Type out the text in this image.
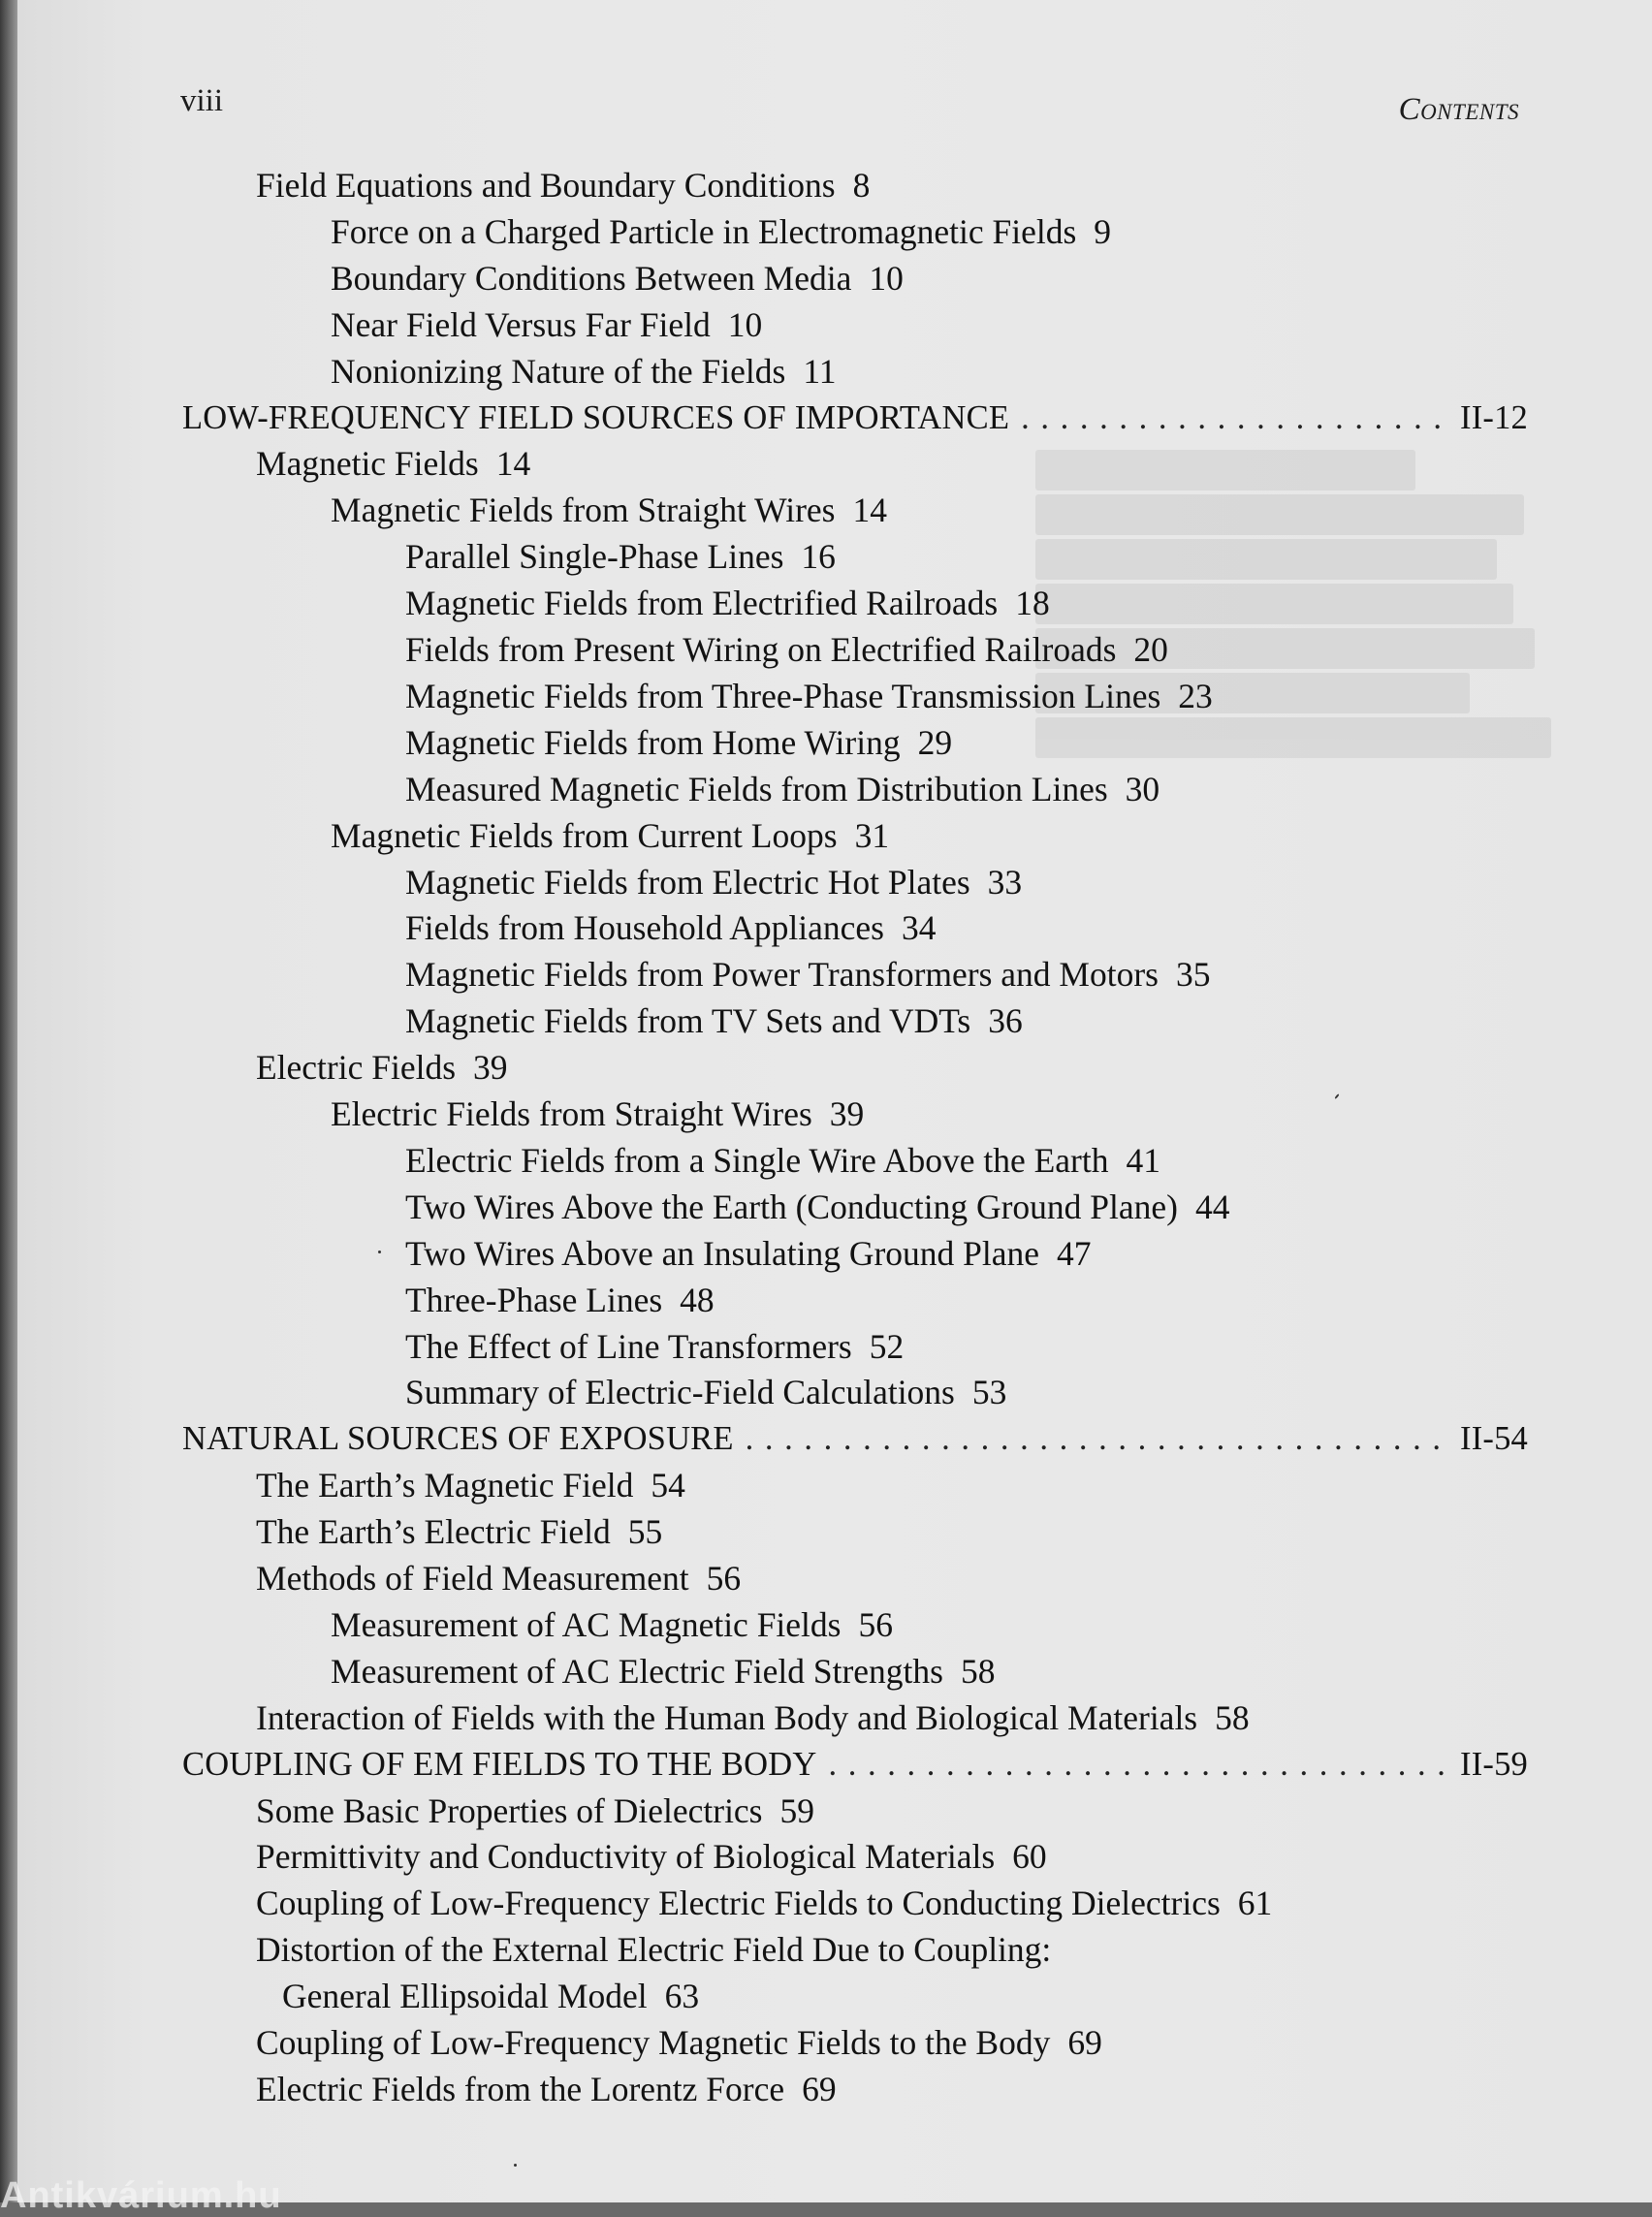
viii	Contents
Field Equations and Boundary Conditions 8
Force on a Charged Particle in Electromagnetic Fields 9
Boundary Conditions Between Media 10
Near Field Versus Far Field 10
Nonionizing Nature of the Fields 11
LOW-FREQUENCY FIELD SOURCES OF IMPORTANCE . . .	II-12
Magnetic Fields 14
Magnetic Fields from Straight Wires 14
Parallel Single-Phase Lines 16
Magnetic Fields from Electrified Railroads 18
Fields from Present Wiring on Electrified Railroads 20
Magnetic Fields from Three-Phase Transmission Lines 23
Magnetic Fields from Home Wiring 29
Measured Magnetic Fields from Distribution Lines 30
Magnetic Fields from Current Loops 31
Magnetic Fields from Electric Hot Plates 33
Fields from Household Appliances 34
Magnetic Fields from Power Transformers and Motors 35
Magnetic Fields from TV Sets and VDTs 36
Electric Fields 39
Electric Fields from Straight Wires 39
Electric Fields from a Single Wire Above the Earth 41
Two Wires Above the Earth (Conducting Ground Plane) 44
Two Wires Above an Insulating Ground Plane 47
Three-Phase Lines 48
The Effect of Line Transformers 52
Summary of Electric-Field Calculations 53
NATURAL SOURCES OF EXPOSURE . . .	II-54
The Earth’s Magnetic Field 54
The Earth’s Electric Field 55
Methods of Field Measurement 56
Measurement of AC Magnetic Fields 56
Measurement of AC Electric Field Strengths 58
Interaction of Fields with the Human Body and Biological Materials 58
COUPLING OF EM FIELDS TO THE BODY . . .	II-59
Some Basic Properties of Dielectrics 59
Permittivity and Conductivity of Biological Materials 60
Coupling of Low-Frequency Electric Fields to Conducting Dielectrics 61
Distortion of the External Electric Field Due to Coupling:
General Ellipsoidal Model 63
Coupling of Low-Frequency Magnetic Fields to the Body 69
Electric Fields from the Lorentz Force 69
Antikvárium.hu
